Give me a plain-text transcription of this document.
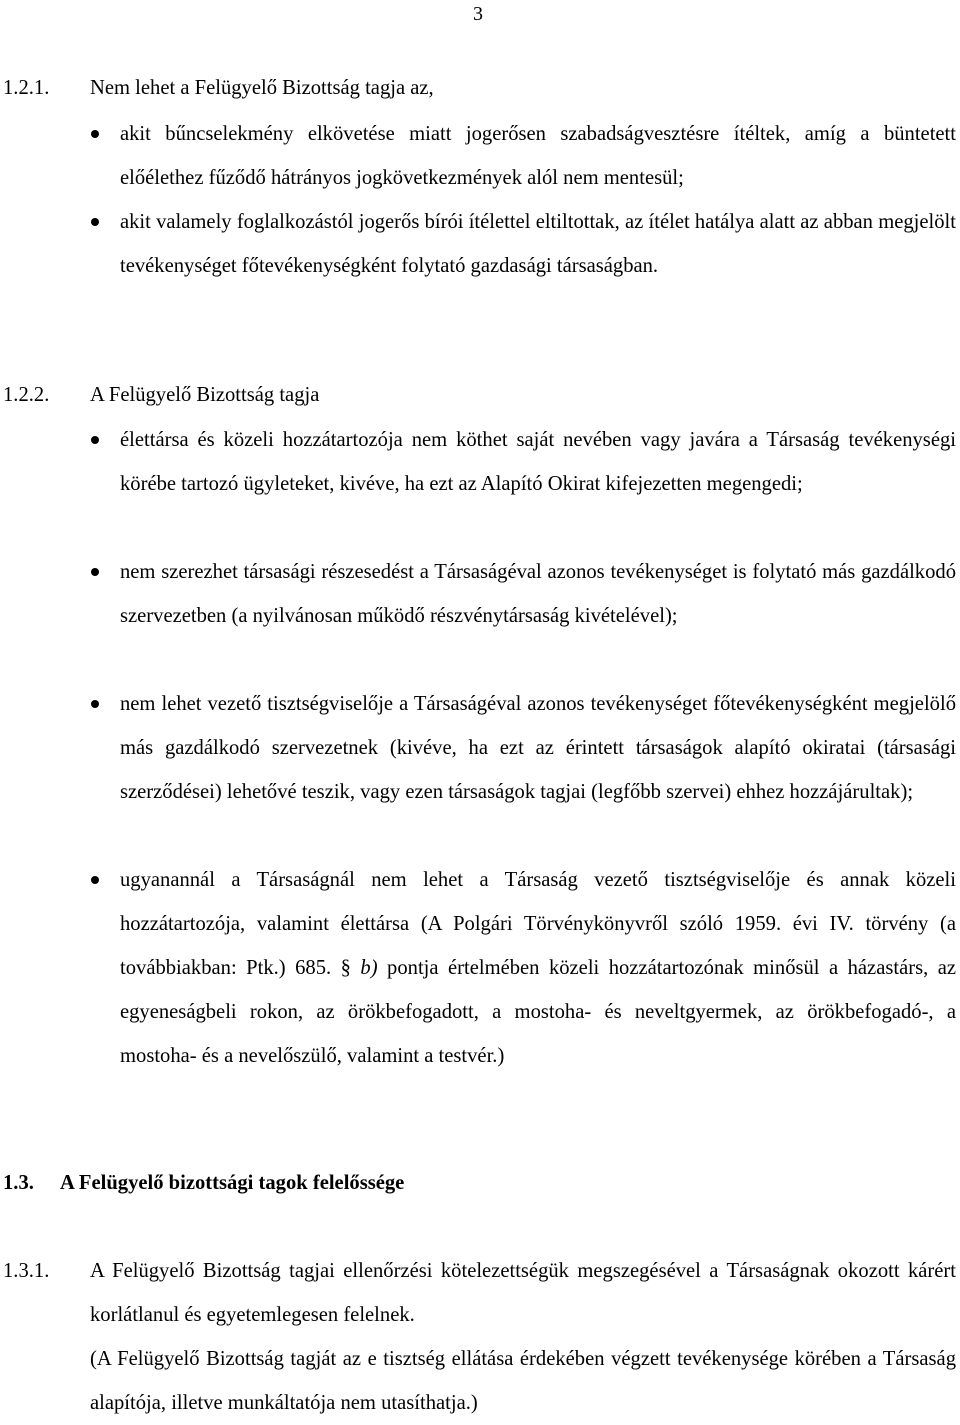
3
1.2.1. Nem lehet a Felügyelő Bizottság tagja az,
akit bűncselekmény elkövetése miatt jogerősen szabadságvesztésre ítéltek, amíg a büntetett előélethez fűződő hátrányos jogkövetkezmények alól nem mentesül;
akit valamely foglalkozástól jogerős bírói ítélettel eltiltottak, az ítélet hatálya alatt az abban megjelölt tevékenységet főtevékenységként folytató gazdasági társaságban.
1.2.2. A Felügyelő Bizottság tagja
élettársa és közeli hozzátartozója nem köthet saját nevében vagy javára a Társaság tevékenységi körébe tartozó ügyleteket, kivéve, ha ezt az Alapító Okirat kifejezetten megengedi;
nem szerezhet társasági részesedést a Társaságéval azonos tevékenységet is folytató más gazdálkodó szervezetben (a nyilvánosan működő részvénytársaság kivételével);
nem lehet vezető tisztségviselője a Társaságéval azonos tevékenységet főtevékenységként megjelölő más gazdálkodó szervezetnek (kivéve, ha ezt az érintett társaságok alapító okiratai (társasági szerződései) lehetővé teszik, vagy ezen társaságok tagjai (legfőbb szervei) ehhez hozzájárultak);
ugyanannál a Társaságnál nem lehet a Társaság vezető tisztségviselője és annak közeli hozzátartozója, valamint élettársa (A Polgári Törvénykönyvről szóló 1959. évi IV. törvény (a továbbiakban: Ptk.) 685. § b) pontja értelmében közeli hozzátartozónak minősül a házastárs, az egyeneságbeli rokon, az örökbefogadott, a mostoha- és neveltgyermek, az örökbefogadó-, a mostoha- és a nevelőszülő, valamint a testvér.)
1.3. A Felügyelő bizottsági tagok felelőssége
1.3.1. A Felügyelő Bizottság tagjai ellenőrzési kötelezettségük megszegésével a Társaságnak okozott kárért korlátlanul és egyetemlegesen felelnek.
(A Felügyelő Bizottság tagját az e tisztség ellátása érdekében végzett tevékenysége körében a Társaság alapítója, illetve munkáltatója nem utasíthatja.)
